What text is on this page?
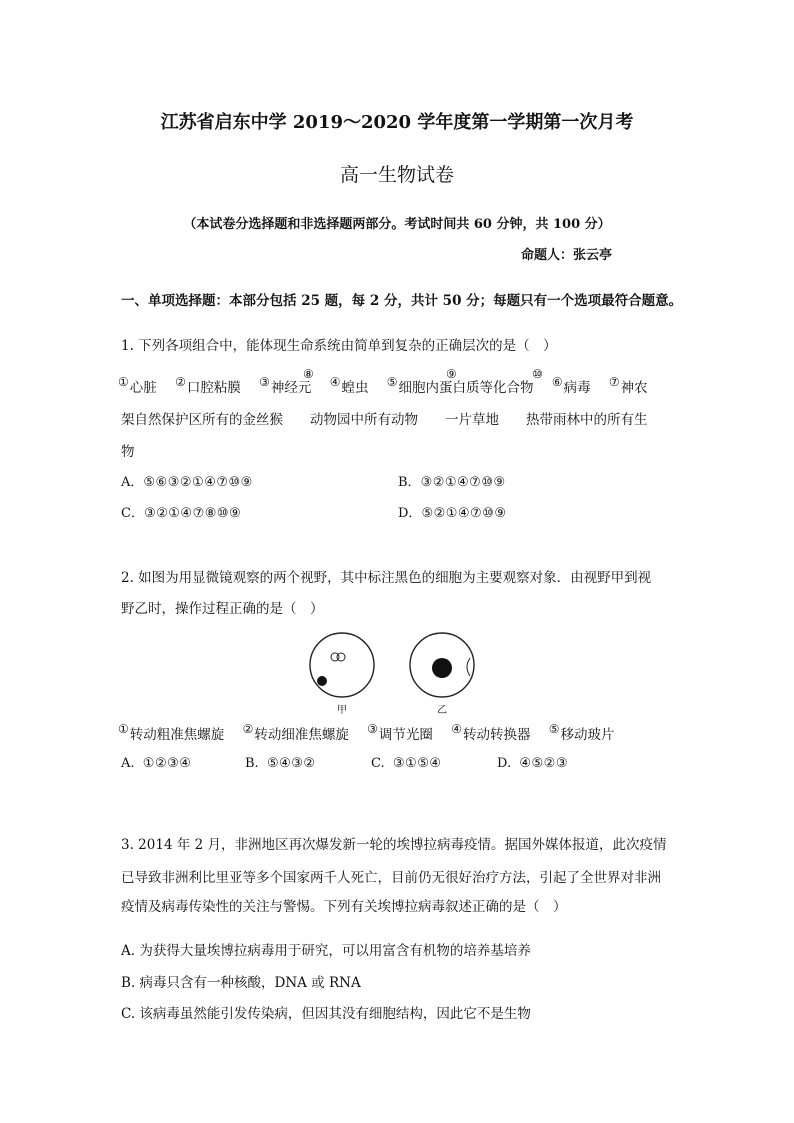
江苏省启东中学 2019～2020 学年度第一学期第一次月考
高一生物试卷
（本试卷分选择题和非选择题两部分。考试时间共 60 分钟，共 100 分）
命题人：张云亭
一、单项选择题：本部分包括 25 题，每 2 分，共计 50 分；每题只有一个选项最符合题意。
1. 下列各项组合中，能体现生命系统由简单到复杂的正确层次的是（　）
①心脏 ②口腔粘膜 ③神经元 ④蝗虫 ⑤细胞内蛋白质等化合物 ⑥病毒 ⑦神农
⑧	⑨	⑩
架自然保护区所有的金丝猴　　动物园中所有动物　　一片草地　　热带雨林中的所有生
物
A．⑤⑥③②①④⑦⑩⑨	B．③②①④⑦⑩⑨
C．③②①④⑦⑧⑩⑨	D．⑤②①④⑦⑩⑨
2. 如图为用显微镜观察的两个视野，其中标注黑色的细胞为主要观察对象．由视野甲到视
野乙时，操作过程正确的是（　）
甲	乙
①转动粗准焦螺旋 ②转动细准焦螺旋 ③调节光圈 ④转动转换器 ⑤移动玻片
A. ①②③④	B. ⑤④③②	C. ③①⑤④	D. ④⑤②③
3. 2014 年 2 月，非洲地区再次爆发新一轮的埃博拉病毒疫情。据国外媒体报道，此次疫情
已导致非洲利比里亚等多个国家两千人死亡，目前仍无很好治疗方法，引起了全世界对非洲
疫情及病毒传染性的关注与警惕。下列有关埃博拉病毒叙述正确的是（　）
A. 为获得大量埃博拉病毒用于研究，可以用富含有机物的培养基培养
B. 病毒只含有一种核酸，DNA 或 RNA
C. 该病毒虽然能引发传染病，但因其没有细胞结构，因此它不是生物
